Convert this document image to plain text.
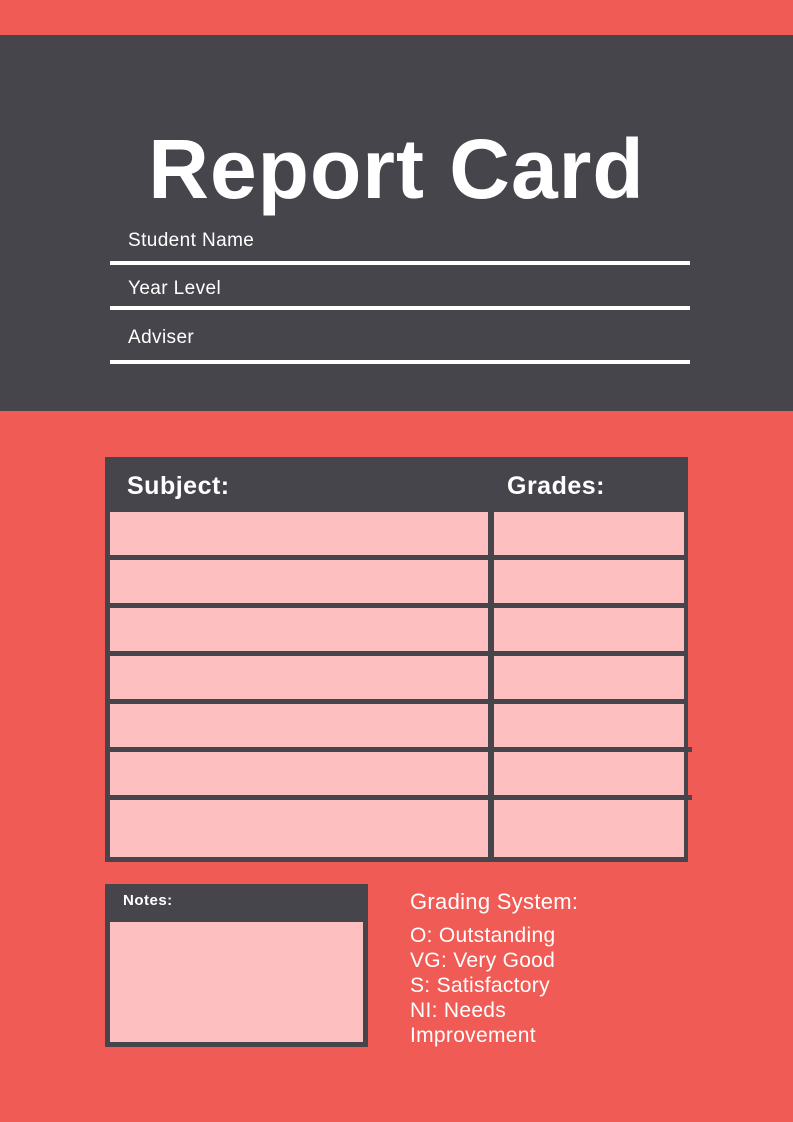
Report Card
Student Name
Year Level
Adviser
Subject:	Grades:
Notes:	Grading System:
O: Outstanding
VG: Very Good
S: Satisfactory
NI: Needs Improvement
